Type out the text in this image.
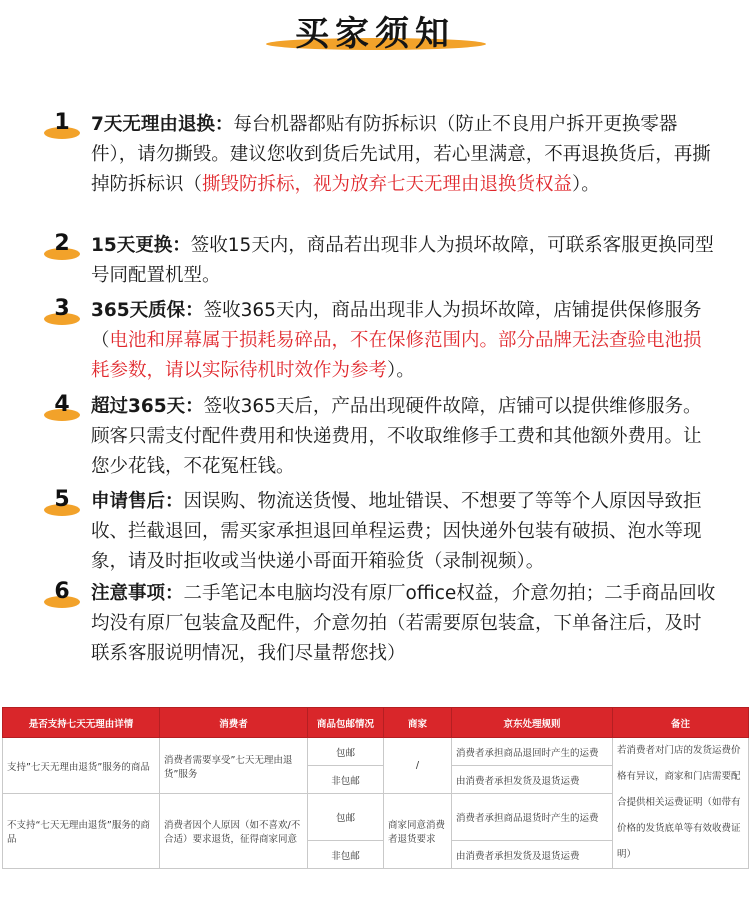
买家须知
1	7天无理由退换：每台机器都贴有防拆标识（防止不良用户拆开更换零器件），请勿撕毁。建议您收到货后先试用，若心里满意，不再退换货后，再撕掉防拆标识（撕毁防拆标，视为放弃七天无理由退换货权益）。
2	15天更换：签收15天内，商品若出现非人为损坏故障，可联系客服更换同型号同配置机型。
3	365天质保：签收365天内，商品出现非人为损坏故障，店铺提供保修服务（电池和屏幕属于损耗易碎品，不在保修范围内。部分品牌无法查验电池损耗参数，请以实际待机时效作为参考）。
4	超过365天：签收365天后，产品出现硬件故障，店铺可以提供维修服务。顾客只需支付配件费用和快递费用，不收取维修手工费和其他额外费用。让您少花钱，不花冤枉钱。
5	申请售后：因误购、物流送货慢、地址错误、不想要了等等个人原因导致拒收、拦截退回，需买家承担退回单程运费；因快递外包装有破损、泡水等现象，请及时拒收或当快递小哥面开箱验货（录制视频）。
6	注意事项：二手笔记本电脑均没有原厂office权益，介意勿拍；二手商品回收均没有原厂包装盒及配件，介意勿拍（若需要原包装盒，下单备注后，及时联系客服说明情况，我们尽量帮您找）
是否支持七天无理由详情	消费者	商品包邮情况	商家	京东处理规则	备注
支持”七天无理由退货”服务的商品	消费者需要享受”七天无理由退货”服务	包邮	/	消费者承担商品退回时产生的运费	若消费者对门店的发货运费价格有异议，商家和门店需要配合提供相关运费证明（如带有价格的发货底单等有效收费证明）
		非包邮		由消费者承担发货及退货运费	
不支持“七天无理由退货”服务的商品	消费者因个人原因（如不喜欢/不合适）要求退货，征得商家同意	包邮	商家同意消费者退货要求	消费者承担商品退货时产生的运费	
		非包邮		由消费者承担发货及退货运费	
